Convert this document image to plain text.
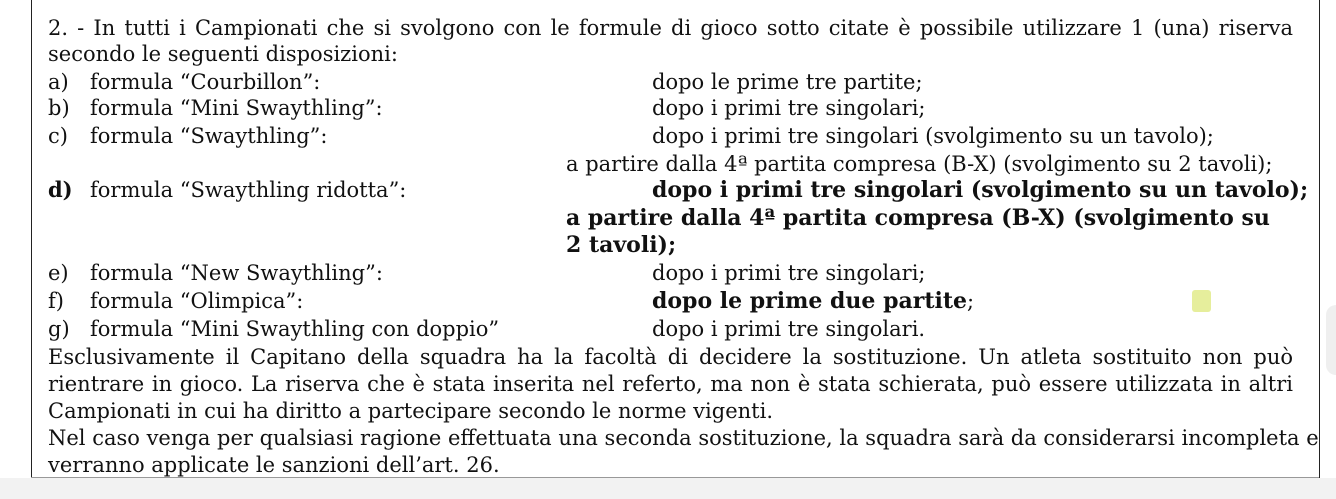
2. - In tutti i Campionati che si svolgono con le formule di gioco sotto citate è possibile utilizzare 1 (una) riserva
secondo le seguenti disposizioni:
a) formula “Courbillon”:	dopo le prime tre partite;
b) formula “Mini Swaythling”:	dopo i primi tre singolari;
c) formula “Swaythling”:	dopo i primi tre singolari (svolgimento su un tavolo);
a partire dalla 4ª partita compresa (B-X) (svolgimento su 2 tavoli);
d) formula “Swaythling ridotta”:	dopo i primi tre singolari (svolgimento su un tavolo);
a partire dalla 4ª partita compresa (B-X) (svolgimento su
2 tavoli);
e) formula “New Swaythling”:	dopo i primi tre singolari;
f) formula “Olimpica”:	dopo le prime due partite;
g) formula “Mini Swaythling con doppio”	dopo i primi tre singolari.
Esclusivamente il Capitano della squadra ha la facoltà di decidere la sostituzione. Un atleta sostituito non può
rientrare in gioco. La riserva che è stata inserita nel referto, ma non è stata schierata, può essere utilizzata in altri
Campionati in cui ha diritto a partecipare secondo le norme vigenti.
Nel caso venga per qualsiasi ragione effettuata una seconda sostituzione, la squadra sarà da considerarsi incompleta e
verranno applicate le sanzioni dell’art. 26.
